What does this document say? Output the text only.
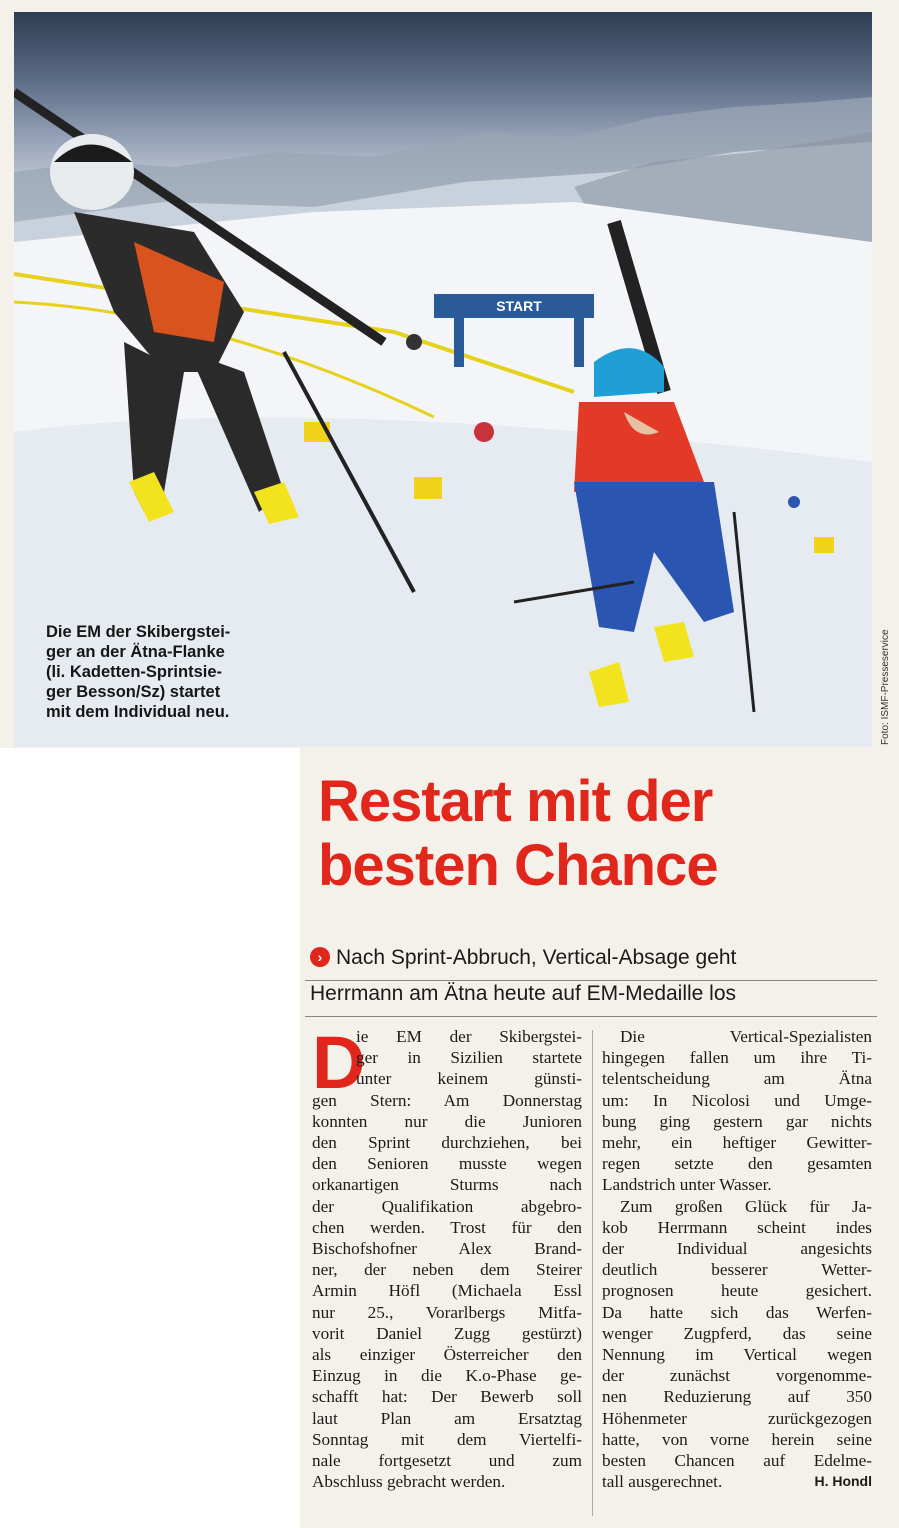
START
Die EM der Skibergstei-
ger an der Ätna-Flanke
(li. Kadetten-Sprintsie-
ger Besson/Sz) startet
mit dem Individual neu.	Foto: ISMF-Presseservice
Restart mit der
besten Chance
› Nach Sprint-Abbruch, Vertical-Absage geht
Herrmann am Ätna heute auf EM-Medaille los
D
ie EM der Skibergstei-
ger in Sizilien startete
unter keinem günsti-
gen Stern: Am Donnerstag
konnten nur die Junioren
den Sprint durchziehen, bei
den Senioren musste wegen
orkanartigen Sturms nach
der Qualifikation abgebro-
chen werden. Trost für den
Bischofshofner Alex Brand-
ner, der neben dem Steirer
Armin Höfl (Michaela Essl
nur 25., Vorarlbergs Mitfa-
vorit Daniel Zugg gestürzt)
als einziger Österreicher den
Einzug in die K.o-Phase ge-
schafft hat: Der Bewerb soll
laut Plan am Ersatztag
Sonntag mit dem Viertelfi-
nale fortgesetzt und zum
Abschluss gebracht werden.
Die Vertical-Spezialisten
hingegen fallen um ihre Ti-
telentscheidung am Ätna
um: In Nicolosi und Umge-
bung ging gestern gar nichts
mehr, ein heftiger Gewitter-
regen setzte den gesamten
Landstrich unter Wasser.
Zum großen Glück für Ja-
kob Herrmann scheint indes
der Individual angesichts
deutlich besserer Wetter-
prognosen heute gesichert.
Da hatte sich das Werfen-
wenger Zugpferd, das seine
Nennung im Vertical wegen
der zunächst vorgenomme-
nen Reduzierung auf 350
Höhenmeter zurückgezogen
hatte, von vorne herein seine
besten Chancen auf Edelme-
tall ausgerechnet.	H. Hondl
